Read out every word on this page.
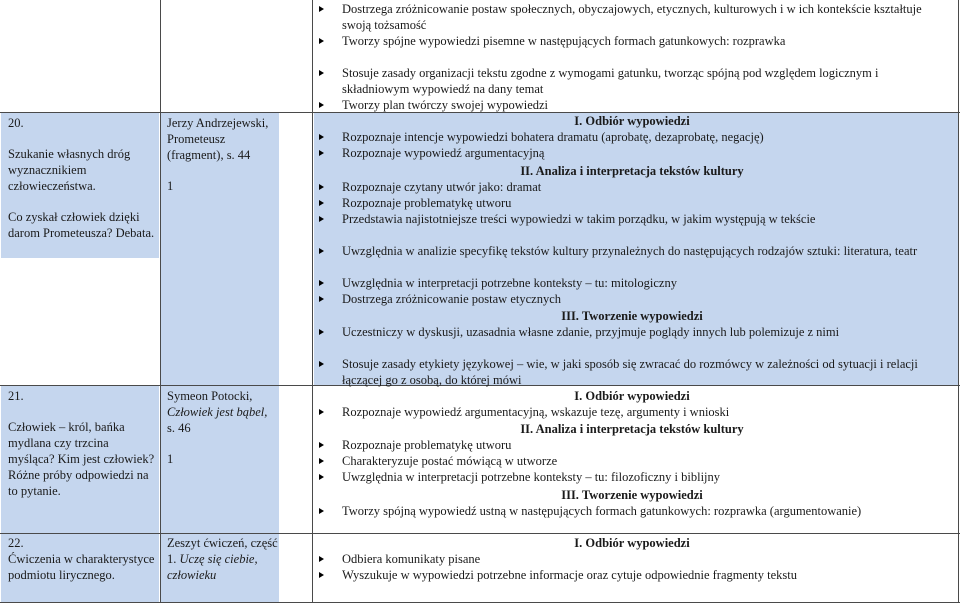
20.

Szukanie własnych dróg wyznacznikiem człowieczeństwa.

Co zyskał człowiek dzięki darom Prometeusza? Debata.

21.

Człowiek – król, bańka mydlana czy trzcina myśląca? Kim jest człowiek? Różne próby odpowiedzi na to pytanie.

22.

Ćwiczenia w charakterystyce podmiotu lirycznego.

Jerzy Andrzejewski, Prometeusz (fragment), s. 44

1

Symeon Potocki,

Człowiek jest bąbel,

s. 46

1

Zeszyt ćwiczeń, część 1. Uczę się ciebie, człowieku

Dostrzega zróżnicowanie postaw społecznych, obyczajowych, etycznych, kulturowych i w ich kontekście kształtuje swoją tożsamość
Tworzy spójne wypowiedzi pisemne w następujących formach gatunkowych: rozprawka
Stosuje zasady organizacji tekstu zgodne z wymogami gatunku, tworząc spójną pod względem logicznym i składniowym wypowiedź na dany temat
Tworzy plan twórczy swojej wypowiedzi
I. Odbiór wypowiedzi
Rozpoznaje intencje wypowiedzi bohatera dramatu (aprobatę, dezaprobatę, negację)
Rozpoznaje wypowiedź argumentacyjną
II. Analiza i interpretacja tekstów kultury
Rozpoznaje czytany utwór jako: dramat
Rozpoznaje problematykę utworu
Przedstawia najistotniejsze treści wypowiedzi w takim porządku, w jakim występują w tekście
Uwzględnia w analizie specyfikę tekstów kultury przynależnych do następujących rodzajów sztuki: literatura, teatr
Uwzględnia w interpretacji potrzebne konteksty – tu: mitologiczny
Dostrzega zróżnicowanie postaw etycznych
III. Tworzenie wypowiedzi
Uczestniczy w dyskusji, uzasadnia własne zdanie, przyjmuje poglądy innych lub polemizuje z nimi
Stosuje zasady etykiety językowej – wie, w jaki sposób się zwracać do rozmówcy w zależności od sytuacji i relacji łączącej go z osobą, do której mówi
I. Odbiór wypowiedzi
Rozpoznaje wypowiedź argumentacyjną, wskazuje tezę, argumenty i wnioski
II. Analiza i interpretacja tekstów kultury
Rozpoznaje problematykę utworu
Charakteryzuje postać mówiącą w utworze
Uwzględnia w interpretacji potrzebne konteksty – tu: filozoficzny i biblijny
III. Tworzenie wypowiedzi
Tworzy spójną wypowiedź ustną w następujących formach gatunkowych: rozprawka (argumentowanie)
I. Odbiór wypowiedzi
Odbiera komunikaty pisane
Wyszukuje w wypowiedzi potrzebne informacje oraz cytuje odpowiednie fragmenty tekstu
